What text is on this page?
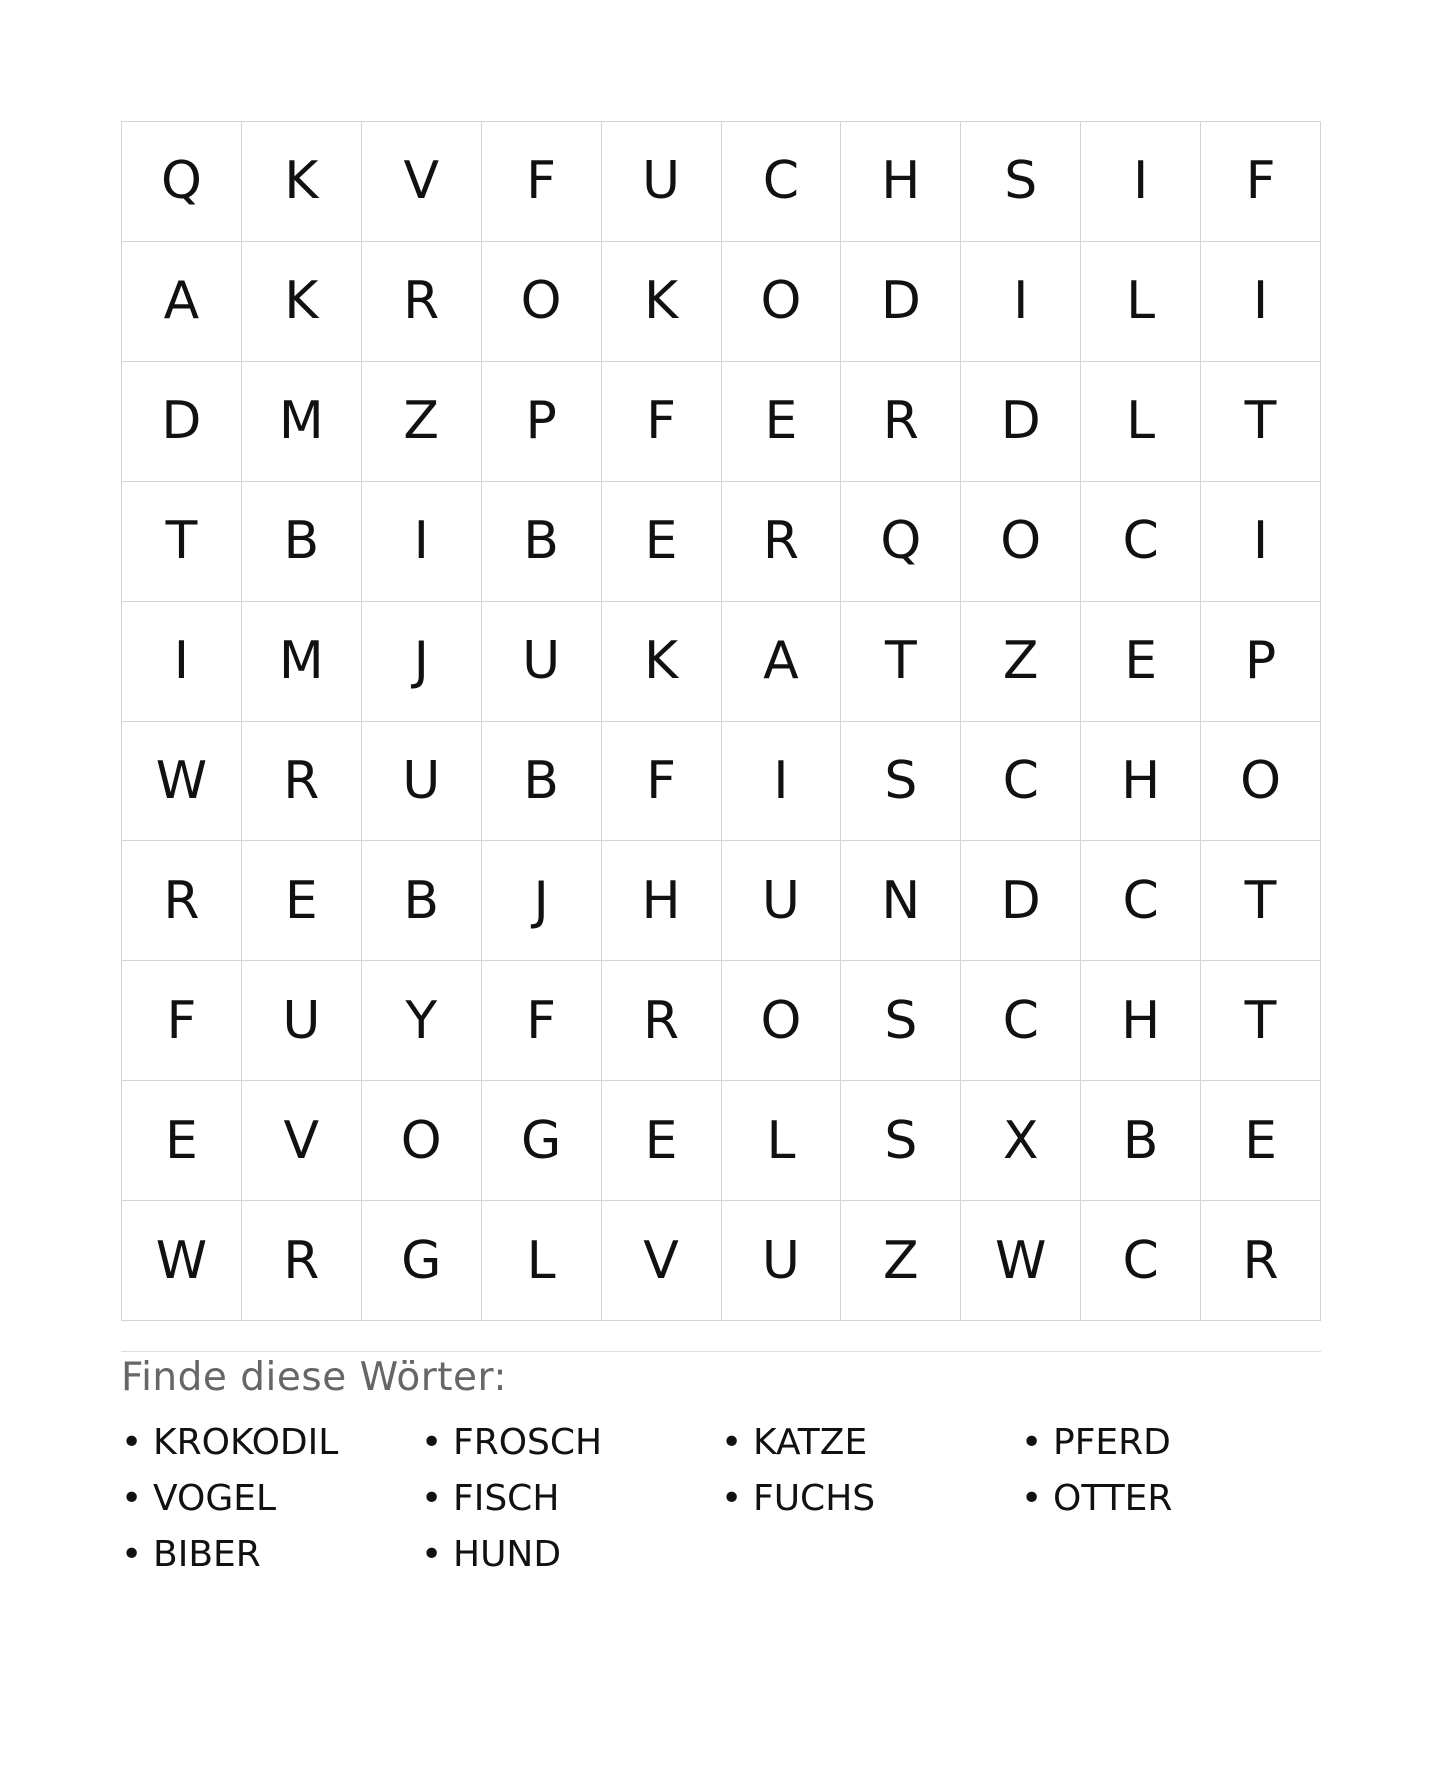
Q	K	V	F	U	C	H	S	I	F
A	K	R	O	K	O	D	I	L	I
D	M	Z	P	F	E	R	D	L	T
T	B	I	B	E	R	Q	O	C	I
I	M	J	U	K	A	T	Z	E	P
W	R	U	B	F	I	S	C	H	O
R	E	B	J	H	U	N	D	C	T
F	U	Y	F	R	O	S	C	H	T
E	V	O	G	E	L	S	X	B	E
W	R	G	L	V	U	Z	W	C	R
Finde diese Wörter:
• KROKODIL	• FROSCH	• KATZE	• PFERD
• VOGEL	• FISCH	• FUCHS	• OTTER
• BIBER	• HUND
